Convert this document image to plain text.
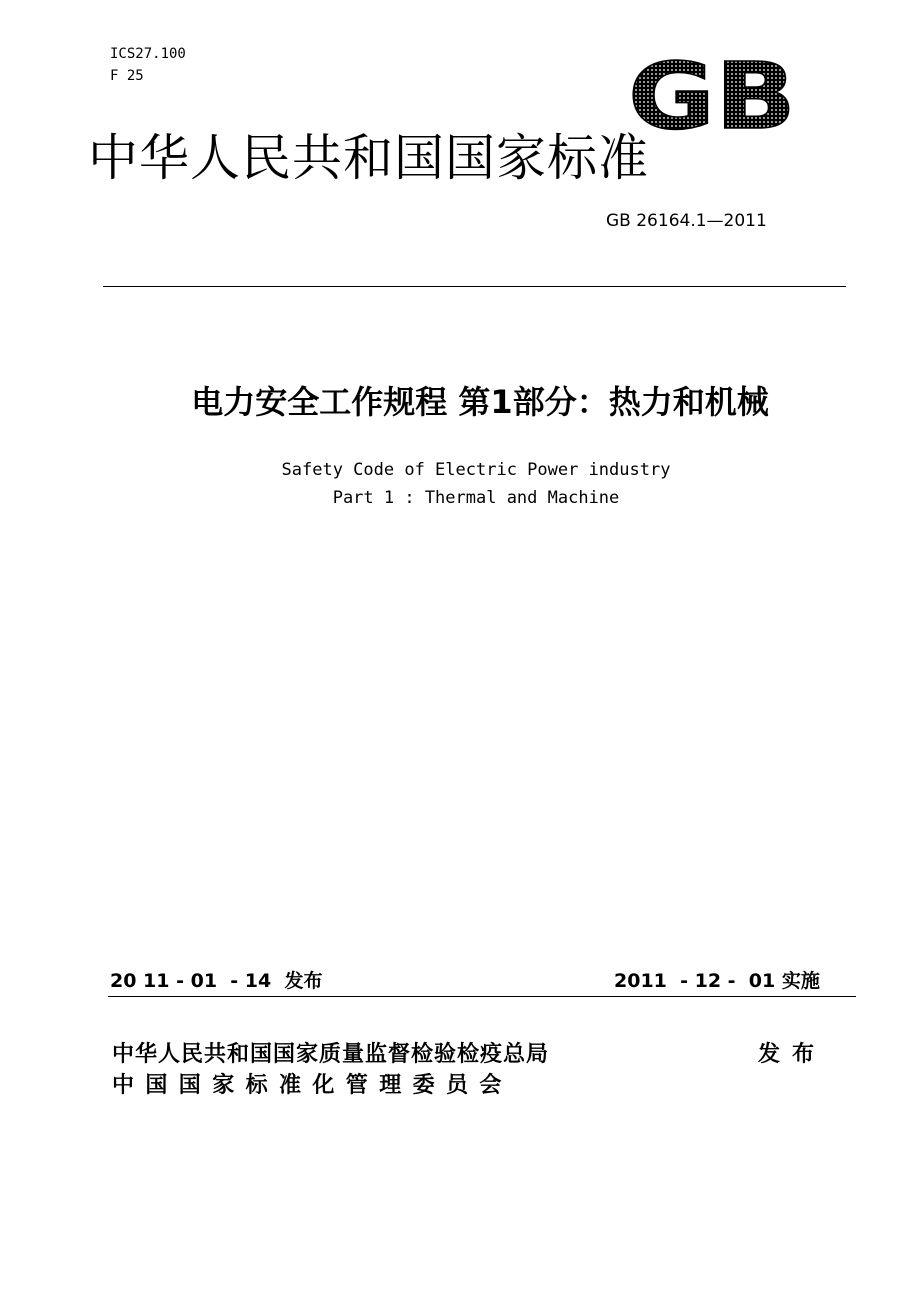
ICS27.100
F 25	GB
中华人民共和国国家标准
GB 26164.1—2011
电力安全工作规程 第1部分：热力和机械
Safety Code of Electric Power industry
Part 1 : Thermal and Machine
20 11 - 01  - 14  发布	2011  - 12 -  01 实施
中华人民共和国国家质量监督检验检疫总局	发布
中国国家标准化管理委员会
